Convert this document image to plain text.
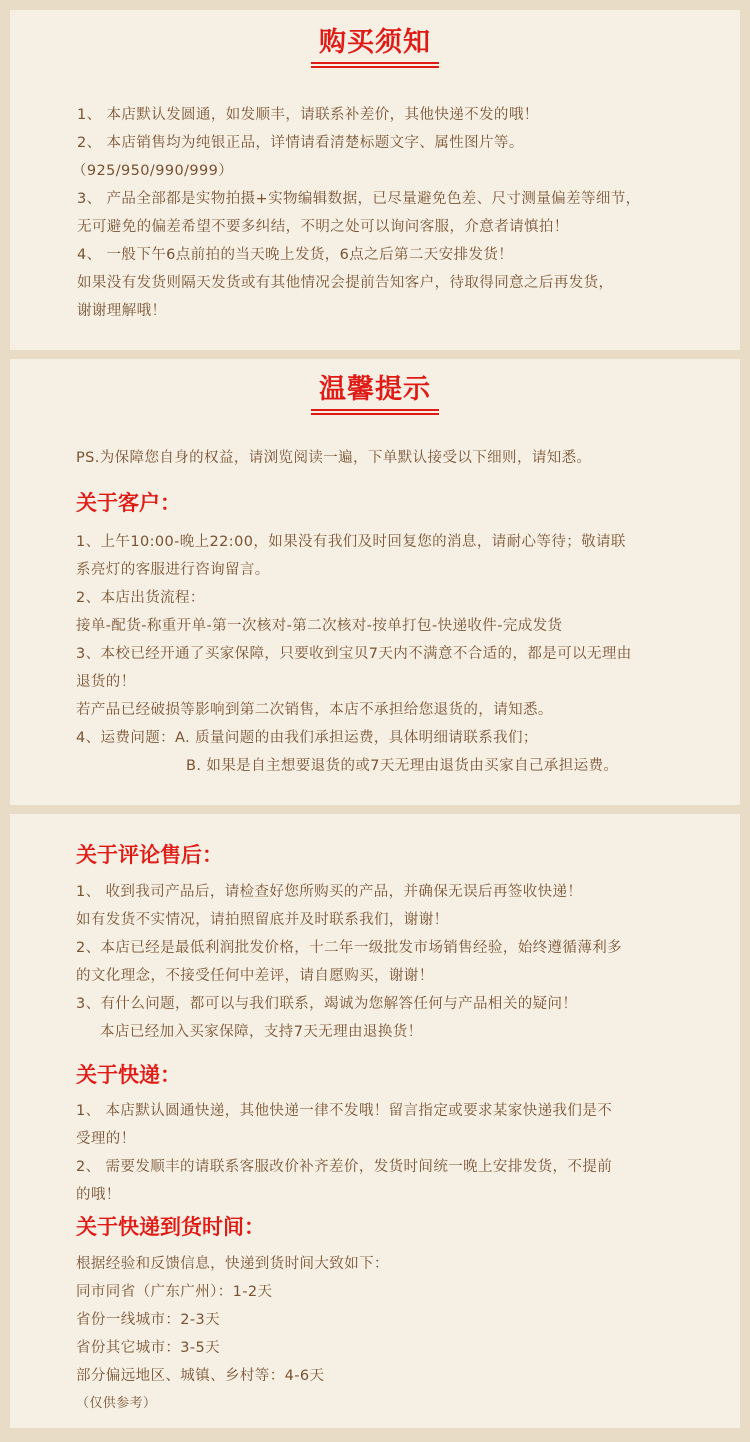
购买须知
1、 本店默认发圆通，如发顺丰，请联系补差价，其他快递不发的哦！
2、 本店销售均为纯银正品，详情请看清楚标题文字、属性图片等。
（925/950/990/999）
3、 产品全部都是实物拍摄+实物编辑数据，已尽量避免色差、尺寸测量偏差等细节，
无可避免的偏差希望不要多纠结，不明之处可以询问客服，介意者请慎拍！
4、 一般下午6点前拍的当天晚上发货，6点之后第二天安排发货！
如果没有发货则隔天发货或有其他情况会提前告知客户，待取得同意之后再发货，
谢谢理解哦！
温馨提示
PS.为保障您自身的权益，请浏览阅读一遍，下单默认接受以下细则，请知悉。
关于客户：
1、上午10:00-晚上22:00，如果没有我们及时回复您的消息，请耐心等待；敬请联
系亮灯的客服进行咨询留言。
2、本店出货流程：
接单-配货-称重开单-第一次核对-第二次核对-按单打包-快递收件-完成发货
3、本校已经开通了买家保障，只要收到宝贝7天内不满意不合适的，都是可以无理由
退货的！
若产品已经破损等影响到第二次销售，本店不承担给您退货的，请知悉。
4、运费问题：A. 质量问题的由我们承担运费，具体明细请联系我们；
B. 如果是自主想要退货的或7天无理由退货由买家自己承担运费。
关于评论售后：
1、 收到我司产品后，请检查好您所购买的产品，并确保无误后再签收快递！
如有发货不实情况，请拍照留底并及时联系我们，谢谢！
2、本店已经是最低利润批发价格，十二年一级批发市场销售经验，始终遵循薄利多
的文化理念，不接受任何中差评，请自愿购买，谢谢！
3、有什么问题，都可以与我们联系，竭诚为您解答任何与产品相关的疑问！
本店已经加入买家保障，支持7天无理由退换货！
关于快递：
1、 本店默认圆通快递，其他快递一律不发哦！留言指定或要求某家快递我们是不
受理的！
2、 需要发顺丰的请联系客服改价补齐差价，发货时间统一晚上安排发货，不提前
的哦！
关于快递到货时间：
根据经验和反馈信息，快递到货时间大致如下：
同市同省（广东广州）：1-2天
省份一线城市：2-3天
省份其它城市：3-5天
部分偏远地区、城镇、乡村等：4-6天
（仅供参考）
